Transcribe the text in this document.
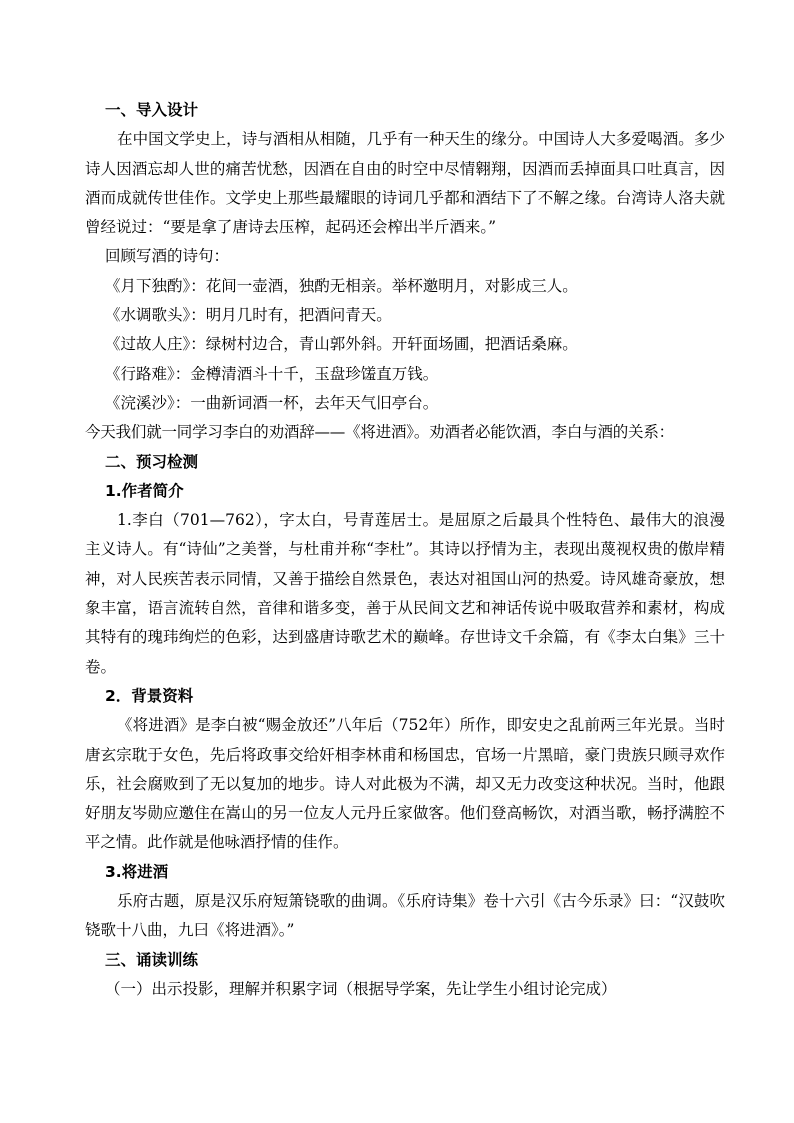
一、导入设计
在中国文学史上，诗与酒相从相随，几乎有一种天生的缘分。中国诗人大多爱喝酒。多少诗人因酒忘却人世的痛苦忧愁，因酒在自由的时空中尽情翱翔，因酒而丢掉面具口吐真言，因酒而成就传世佳作。文学史上那些最耀眼的诗词几乎都和酒结下了不解之缘。台湾诗人洛夫就曾经说过：“要是拿了唐诗去压榨，起码还会榨出半斤酒来。”
回顾写酒的诗句：
《月下独酌》：花间一壶酒，独酌无相亲。举杯邀明月，对影成三人。
《水调歌头》：明月几时有，把酒问青天。
《过故人庄》：绿树村边合，青山郭外斜。开轩面场圃，把酒话桑麻。
《行路难》：金樽清酒斗十千，玉盘珍馐直万钱。
《浣溪沙》：一曲新词酒一杯，去年天气旧亭台。
今天我们就一同学习李白的劝酒辞——《将进酒》。劝酒者必能饮酒，李白与酒的关系：
二、预习检测
1.作者简介
1.李白（701—762），字太白，号青莲居士。是屈原之后最具个性特色、最伟大的浪漫主义诗人。有“诗仙”之美誉，与杜甫并称“李杜”。其诗以抒情为主，表现出蔑视权贵的傲岸精神，对人民疾苦表示同情，又善于描绘自然景色，表达对祖国山河的热爱。诗风雄奇豪放，想象丰富，语言流转自然，音律和谐多变，善于从民间文艺和神话传说中吸取营养和素材，构成其特有的瑰玮绚烂的色彩，达到盛唐诗歌艺术的巅峰。存世诗文千余篇，有《李太白集》三十卷。
2．背景资料
《将进酒》是李白被“赐金放还”八年后（752年）所作，即安史之乱前两三年光景。当时唐玄宗耽于女色，先后将政事交给奸相李林甫和杨国忠，官场一片黑暗，豪门贵族只顾寻欢作乐，社会腐败到了无以复加的地步。诗人对此极为不满，却又无力改变这种状况。当时，他跟好朋友岑勋应邀住在嵩山的另一位友人元丹丘家做客。他们登高畅饮，对酒当歌，畅抒满腔不平之情。此作就是他咏酒抒情的佳作。
3.将进酒
乐府古题，原是汉乐府短箫铙歌的曲调。《乐府诗集》卷十六引《古今乐录》曰：“汉鼓吹铙歌十八曲，九曰《将进酒》。”
三、诵读训练
（一）出示投影，理解并积累字词（根据导学案，先让学生小组讨论完成）
